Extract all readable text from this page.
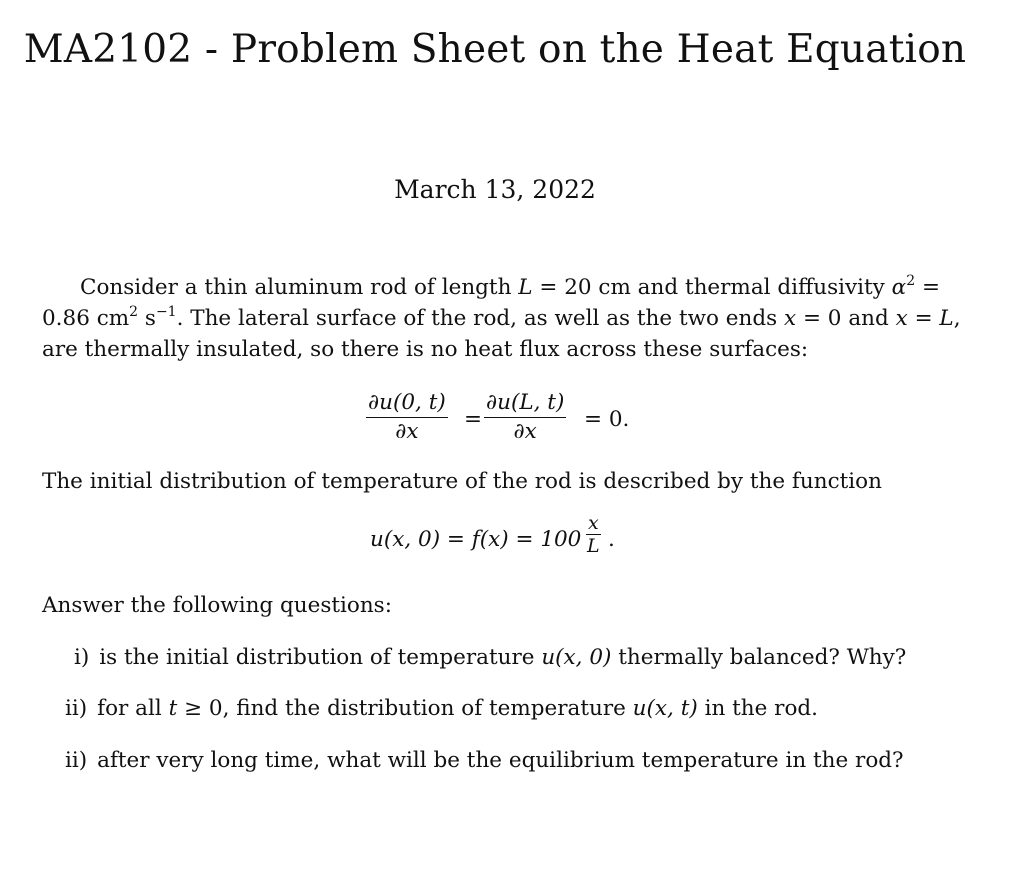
MA2102 - Problem Sheet on the Heat Equation
March 13, 2022
Consider a thin aluminum rod of length L = 20 cm and thermal diffusivity $\alpha^2$ =
0.86 $cm^2$ $s^{-1}$. The lateral surface of the rod, as well as the two ends x = 0 and x = L,
are thermally insulated, so there is no heat flux across these surfaces:
$\frac{\partial u(0, t)}{\partial x} = \frac{\partial u(L, t)}{\partial x} = 0$.
The initial distribution of temperature of the rod is described by the function
u(x, $0) = f(x) = 100 \frac{x}{L}$ .
Answer the following questions:
i) is the initial distribution of temperature u(x, 0) thermally balanced? Why?
ii) for all t ≥ 0, find the distribution of temperature u(x, t) in the rod.
ii) after very long time, what will be the equilibrium temperature in the rod?
